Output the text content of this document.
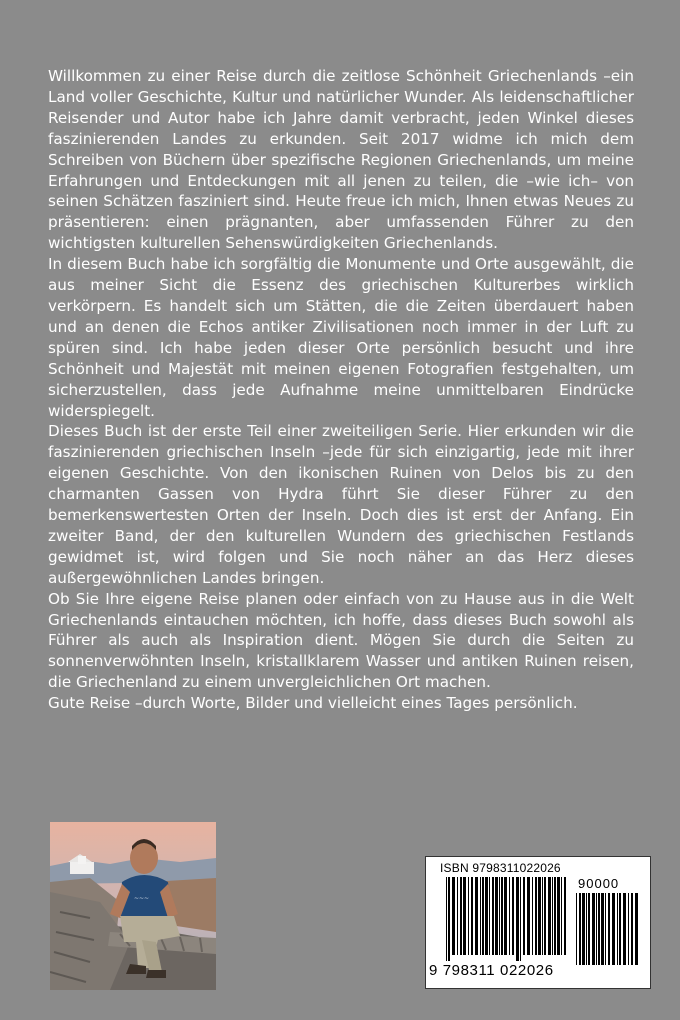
Willkommen zu einer Reise durch die zeitlose Schönheit Griechenlands –ein Land voller Geschichte, Kultur und natürlicher Wunder. Als leidenschaftlicher Reisender und Autor habe ich Jahre damit verbracht, jeden Winkel dieses faszinierenden Landes zu erkunden. Seit 2017 widme ich mich dem Schreiben von Büchern über spezifische Regionen Griechenlands, um meine Erfahrungen und Entdeckungen mit all jenen zu teilen, die –wie ich– von seinen Schätzen fasziniert sind. Heute freue ich mich, Ihnen etwas Neues zu präsentieren: einen prägnanten, aber umfassenden Führer zu den wichtigsten kulturellen Sehenswürdigkeiten Griechenlands.

In diesem Buch habe ich sorgfältig die Monumente und Orte ausgewählt, die aus meiner Sicht die Essenz des griechischen Kulturerbes wirklich verkörpern. Es handelt sich um Stätten, die die Zeiten überdauert haben und an denen die Echos antiker Zivilisationen noch immer in der Luft zu spüren sind. Ich habe jeden dieser Orte persönlich besucht und ihre Schönheit und Majestät mit meinen eigenen Fotografien festgehalten, um sicherzustellen, dass jede Aufnahme meine unmittelbaren Eindrücke widerspiegelt.

Dieses Buch ist der erste Teil einer zweiteiligen Serie. Hier erkunden wir die faszinierenden griechischen Inseln –jede für sich einzigartig, jede mit ihrer eigenen Geschichte. Von den ikonischen Ruinen von Delos bis zu den charmanten Gassen von Hydra führt Sie dieser Führer zu den bemerkenswertesten Orten der Inseln. Doch dies ist erst der Anfang. Ein zweiter Band, der den kulturellen Wundern des griechischen Festlands gewidmet ist, wird folgen und Sie noch näher an das Herz dieses außergewöhnlichen Landes bringen.

Ob Sie Ihre eigene Reise planen oder einfach von zu Hause aus in die Welt Griechenlands eintauchen möchten, ich hoffe, dass dieses Buch sowohl als Führer als auch als Inspiration dient. Mögen Sie durch die Seiten zu sonnenverwöhnten Inseln, kristallklarem Wasser und antiken Ruinen reisen, die Griechenland zu einem unvergleichlichen Ort machen.

Gute Reise –durch Worte, Bilder und vielleicht eines Tages persönlich.

~~~
ISBN 9798311022026
90000
9 798311 022026
